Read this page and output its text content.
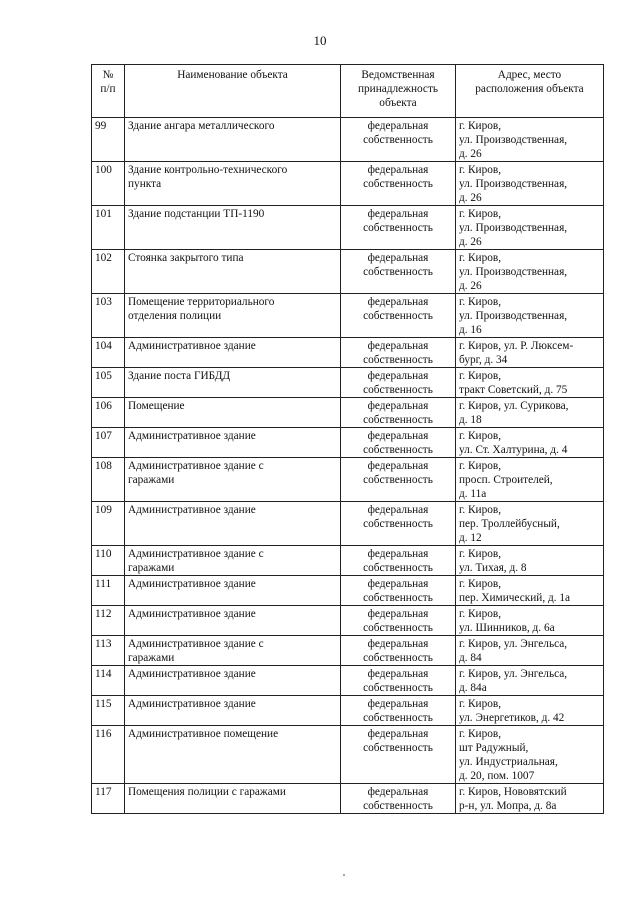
10
№
п/п	Наименование объекта	Ведомственная
принадлежность
объекта	Адрес, место
расположения объекта

99	Здание ангара металлического	федеральная
собственность	г. Киров,
ул. Производственная,
д. 26

100	Здание контрольно-технического
пункта	федеральная
собственность	г. Киров,
ул. Производственная,
д. 26

101	Здание подстанции ТП-1190	федеральная
собственность	г. Киров,
ул. Производственная,
д. 26

102	Стоянка закрытого типа	федеральная
собственность	г. Киров,
ул. Производственная,
д. 26

103	Помещение территориального
отделения полиции	федеральная
собственность	г. Киров,
ул. Производственная,
д. 16

104	Административное здание	федеральная
собственность	г. Киров, ул. Р. Люксем-
бург, д. 34

105	Здание поста ГИБДД	федеральная
собственность	г. Киров,
тракт Советский, д. 75

106	Помещение	федеральная
собственность	г. Киров, ул. Сурикова,
д. 18

107	Административное здание	федеральная
собственность	г. Киров,
ул. Ст. Халтурина, д. 4

108	Административное здание с
гаражами	федеральная
собственность	г. Киров,
просп. Строителей,
д. 11а

109	Административное здание	федеральная
собственность	г. Киров,
пер. Троллейбусный,
д. 12

110	Административное здание с
гаражами	федеральная
собственность	г. Киров,
ул. Тихая, д. 8

111	Административное здание	федеральная
собственность	г. Киров,
пер. Химический, д. 1а

112	Административное здание	федеральная
собственность	г. Киров,
ул. Шинников, д. 6а

113	Административное здание с
гаражами	федеральная
собственность	г. Киров, ул. Энгельса,
д. 84

114	Административное здание	федеральная
собственность	г. Киров, ул. Энгельса,
д. 84а

115	Административное здание	федеральная
собственность	г. Киров,
ул. Энергетиков, д. 42

116	Административное помещение	федеральная
собственность	г. Киров,
шт Радужный,
ул. Индустриальная,
д. 20, пом. 1007

117	Помещения полиции с гаражами	федеральная
собственность	г. Киров, Нововятский
р-н, ул. Мопра, д. 8а
